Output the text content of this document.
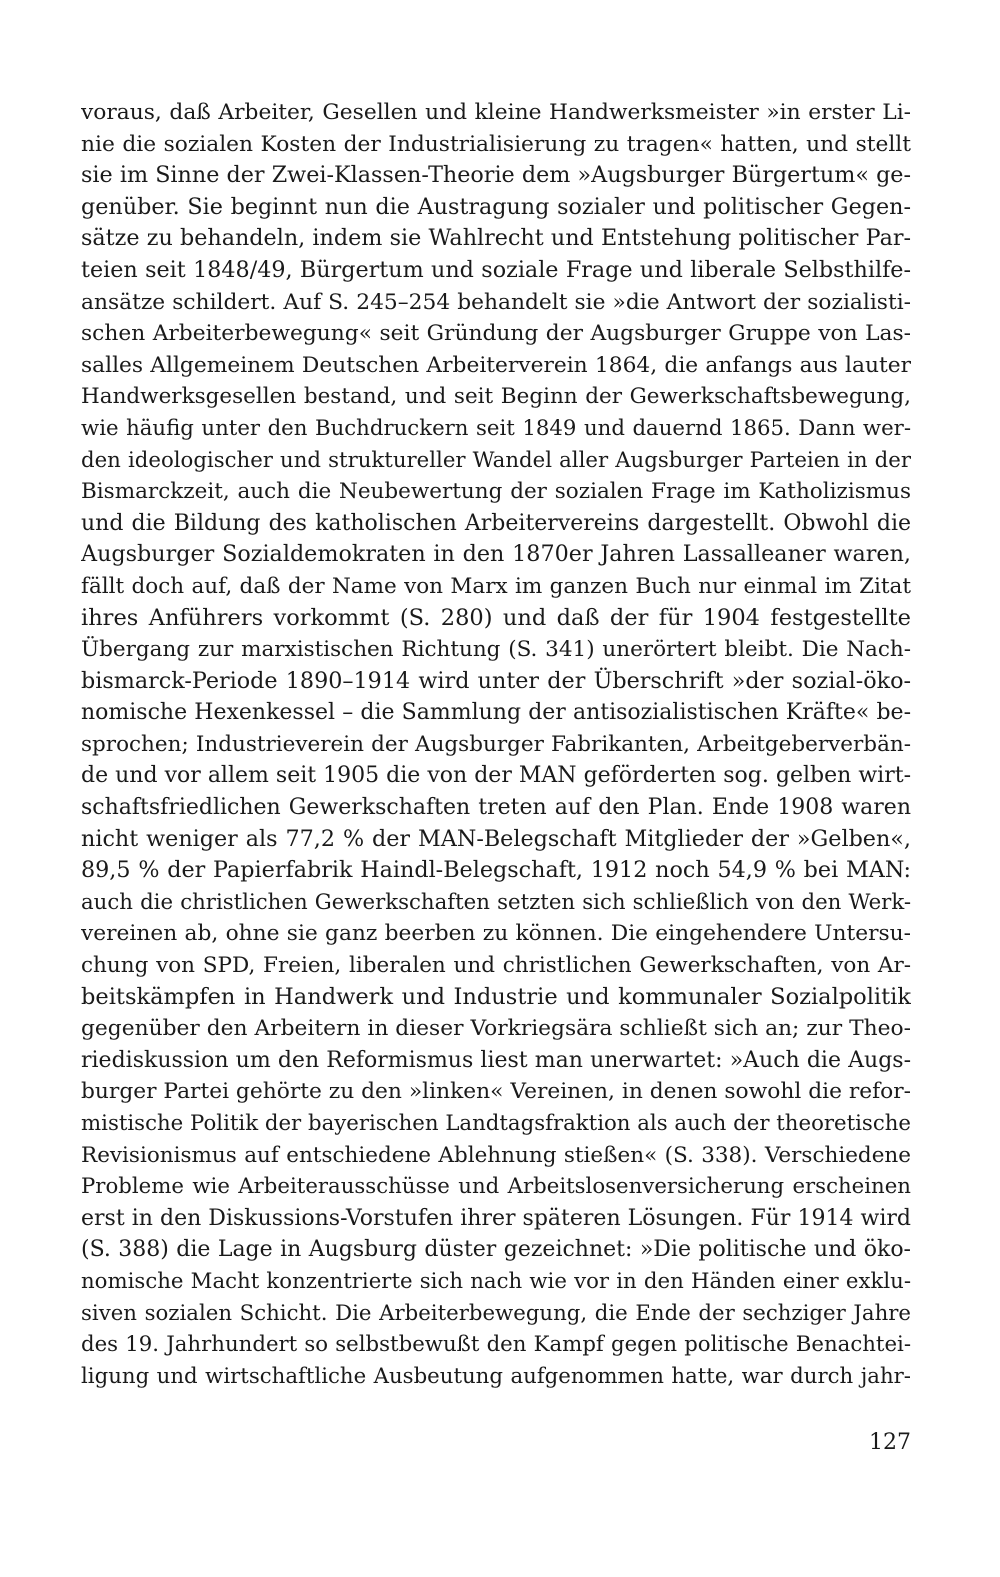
voraus, daß Arbeiter, Gesellen und kleine Handwerksmeister »in erster Li-
nie die sozialen Kosten der Industrialisierung zu tragen« hatten, und stellt
sie im Sinne der Zwei-Klassen-Theorie dem »Augsburger Bürgertum« ge-
genüber. Sie beginnt nun die Austragung sozialer und politischer Gegen-
sätze zu behandeln, indem sie Wahlrecht und Entstehung politischer Par-
teien seit 1848/49, Bürgertum und soziale Frage und liberale Selbsthilfe-
ansätze schildert. Auf S. 245–254 behandelt sie »die Antwort der sozialisti-
schen Arbeiterbewegung« seit Gründung der Augsburger Gruppe von Las-
salles Allgemeinem Deutschen Arbeiterverein 1864, die anfangs aus lauter
Handwerksgesellen bestand, und seit Beginn der Gewerkschaftsbewegung,
wie häufig unter den Buchdruckern seit 1849 und dauernd 1865. Dann wer-
den ideologischer und struktureller Wandel aller Augsburger Parteien in der
Bismarckzeit, auch die Neubewertung der sozialen Frage im Katholizismus
und die Bildung des katholischen Arbeitervereins dargestellt. Obwohl die
Augsburger Sozialdemokraten in den 1870er Jahren Lassalleaner waren,
fällt doch auf, daß der Name von Marx im ganzen Buch nur einmal im Zitat
ihres Anführers vorkommt (S. 280) und daß der für 1904 festgestellte
Übergang zur marxistischen Richtung (S. 341) unerörtert bleibt. Die Nach-
bismarck-Periode 1890–1914 wird unter der Überschrift »der sozial-öko-
nomische Hexenkessel – die Sammlung der antisozialistischen Kräfte« be-
sprochen; Industrieverein der Augsburger Fabrikanten, Arbeitgeberverbän-
de und vor allem seit 1905 die von der MAN geförderten sog. gelben wirt-
schaftsfriedlichen Gewerkschaften treten auf den Plan. Ende 1908 waren
nicht weniger als 77,2 % der MAN-Belegschaft Mitglieder der »Gelben«,
89,5 % der Papierfabrik Haindl-Belegschaft, 1912 noch 54,9 % bei MAN:
auch die christlichen Gewerkschaften setzten sich schließlich von den Werk-
vereinen ab, ohne sie ganz beerben zu können. Die eingehendere Untersu-
chung von SPD, Freien, liberalen und christlichen Gewerkschaften, von Ar-
beitskämpfen in Handwerk und Industrie und kommunaler Sozialpolitik
gegenüber den Arbeitern in dieser Vorkriegsära schließt sich an; zur Theo-
riediskussion um den Reformismus liest man unerwartet: »Auch die Augs-
burger Partei gehörte zu den »linken« Vereinen, in denen sowohl die refor-
mistische Politik der bayerischen Landtagsfraktion als auch der theoretische
Revisionismus auf entschiedene Ablehnung stießen« (S. 338). Verschiedene
Probleme wie Arbeiterausschüsse und Arbeitslosenversicherung erscheinen
erst in den Diskussions-Vorstufen ihrer späteren Lösungen. Für 1914 wird
(S. 388) die Lage in Augsburg düster gezeichnet: »Die politische und öko-
nomische Macht konzentrierte sich nach wie vor in den Händen einer exklu-
siven sozialen Schicht. Die Arbeiterbewegung, die Ende der sechziger Jahre
des 19. Jahrhundert so selbstbewußt den Kampf gegen politische Benachtei-
ligung und wirtschaftliche Ausbeutung aufgenommen hatte, war durch jahr-
127
